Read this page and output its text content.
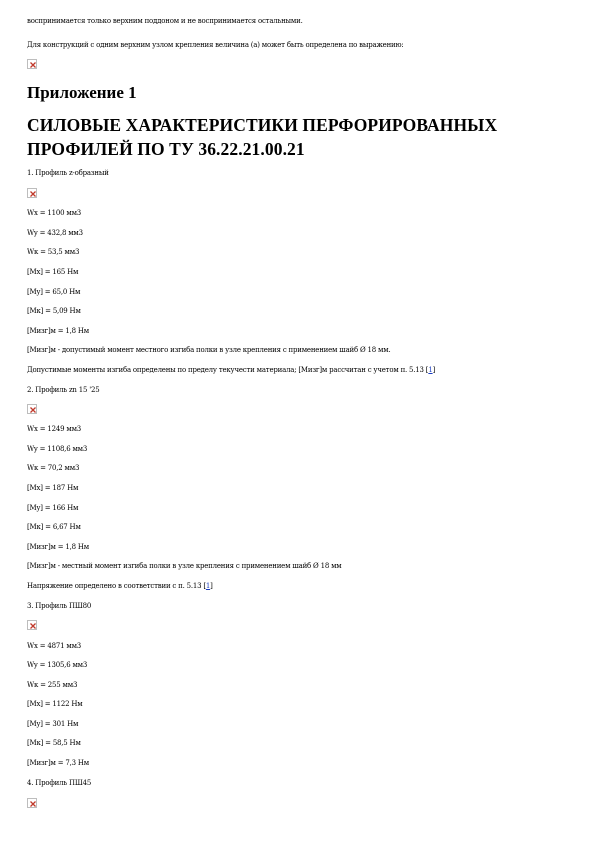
воспринимается только верхним поддоном и не воспринимается остальными.
Для конструкций с одним верхним узлом крепления величина (а) может быть определена по выражению:
Приложение 1
СИЛОВЫЕ ХАРАКТЕРИСТИКИ ПЕРФОРИРОВАННЫХ
ПРОФИЛЕЙ ПО ТУ 36.22.21.00.21
1. Профиль z-образный
Wx = 1100 мм3
Wy = 432,8 мм3
Wк = 53,5 мм3
[Mx] = 165 Нм
[My] = 65,0 Нм
[Mк] = 5,09 Нм
[Mизг]м = 1,8 Нм
[Mизг]м - допустимый момент местного изгиба полки в узле крепления с применением шайб Ø 18 мм.
Допустимые моменты изгиба определены по пределу текучести материала; [Mизг]м рассчитан с учетом п. 5.13 [1]
2. Профиль zn 15 '25
Wx = 1249 мм3
Wy = 1108,6 мм3
Wк = 70,2 мм3
[Mx] = 187 Нм
[My] = 166 Нм
[Mк] = 6,67 Нм
[Mизг]м = 1,8 Нм
[Mизг]м - местный момент изгиба полки в узле крепления с применением шайб Ø 18 мм
Напряжение определено в соответствии с п. 5.13 [1]
3. Профиль ПШ80
Wx = 4871 мм3
Wy = 1305,6 мм3
Wк = 255 мм3
[Mx] = 1122 Нм
[My] = 301 Нм
[Mк] = 58,5 Нм
[Mизг]м = 7,3 Нм
4. Профиль ПШ45
